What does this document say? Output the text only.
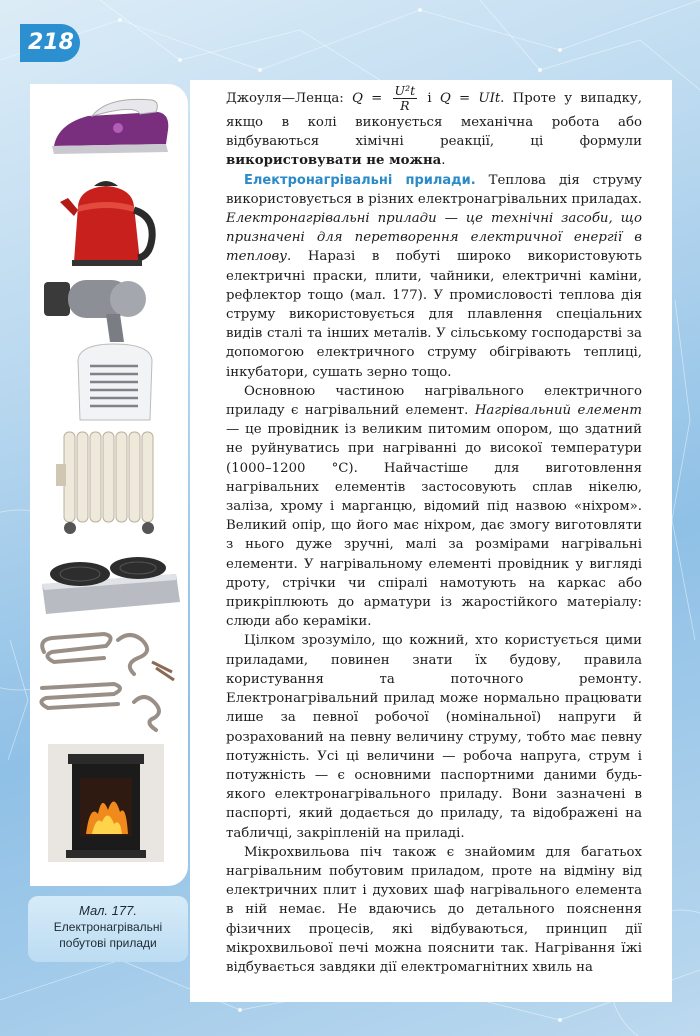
218
Мал. 177.
Електронагрівальні
побутові прилади

Джоуля—Ленца: $Q = \frac{\text{U²t}}{R}$ і Q = UIt. Проте у випадку, якщо в колі виконується механічна робота або відбуваються хімічні реакції, ці формули використовувати не можна.

Електронагрівальні прилади. Теплова дія струму використовується в різних електронагрівальних приладах. Електронагрівальні прилади — це технічні засоби, що призначені для перетворення електричної енергії в теплову. Наразі в побуті широко використовують електричні праски, плити, чайники, електричні каміни, рефлектор тощо (мал. 177). У промисловості теплова дія струму використовується для плавлення спеціальних видів сталі та інших металів. У сільському господарстві за допомогою електричного струму обігрівають теплиці, інкубатори, сушать зерно тощо.

Основною частиною нагрівального електричного приладу є нагрівальний елемент. Нагрівальний елемент — це провідник із великим питомим опором, що здатний не руйнуватись при нагріванні до високої температури (1000–1200 °C). Найчастіше для виготовлення нагрівальних елементів застосовують сплав нікелю, заліза, хрому і марганцю, відомий під назвою «ніхром». Великий опір, що його має ніхром, дає змогу виготовляти з нього дуже зручні, малі за розмірами нагрівальні елементи. У нагрівальному елементі провідник у вигляді дроту, стрічки чи спіралі намотують на каркас або прикріплюють до арматури із жаростійкого матеріалу: слюди або кераміки.

Цілком зрозуміло, що кожний, хто користується цими приладами, повинен знати їх будову, правила користування та поточного ремонту. Електронагрівальний прилад може нормально працювати лише за певної робочої (номінальної) напруги й розрахований на певну величину струму, тобто має певну потужність. Усі ці величини — робоча напруга, струм і потужність — є основними паспортними даними будь-якого електронагрівального приладу. Вони зазначені в паспорті, який додається до приладу, та відображені на табличці, закріпленій на приладі.

Мікрохвильова піч також є знайомим для багатьох нагрівальним побутовим приладом, проте на відміну від електричних плит і духових шаф нагрівального елемента в ній немає. Не вдаючись до детального пояснення фізичних процесів, які відбуваються, принцип дії мікрохвильової печі можна пояснити так. Нагрівання їжі відбувається завдяки дії електромагнітних хвиль на
